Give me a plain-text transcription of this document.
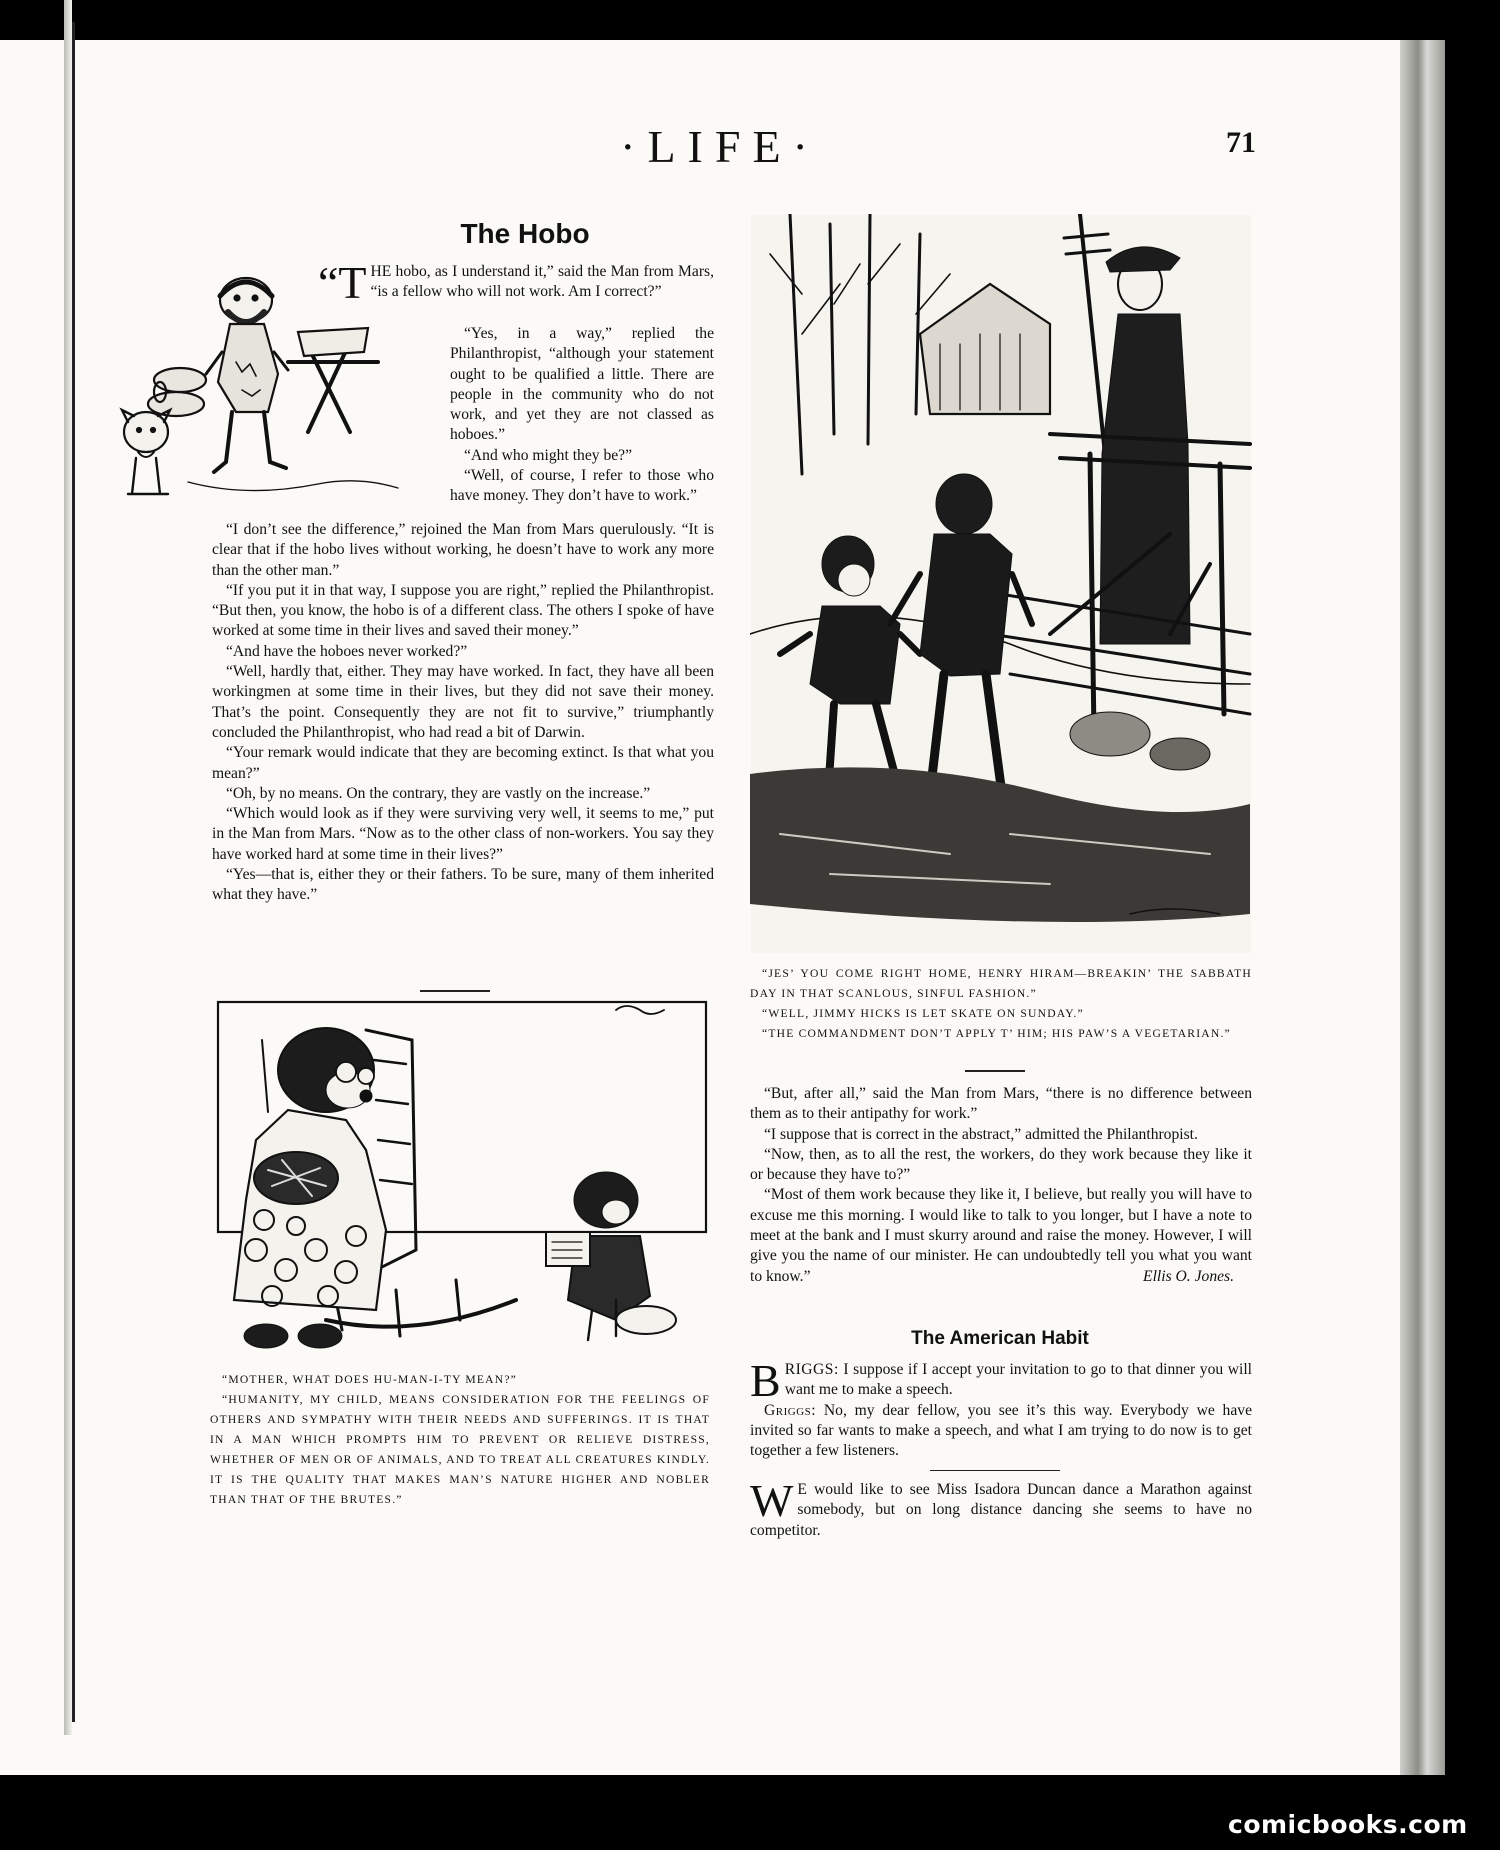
·LIFE·	71
The Hobo
“T HE hobo, as I understand it,” said the Man from Mars, “is a fellow who will not work. Am I correct?”

“Yes, in a way,” replied the Philanthropist, “although your statement ought to be qualified a little. There are people in the community who do not work, and yet they are not classed as hoboes.”

“And who might they be?”

“Well, of course, I refer to those who have money. They don’t have to work.”

“I don’t see the difference,” rejoined the Man from Mars querulously. “It is clear that if the hobo lives without working, he doesn’t have to work any more than the other man.”

“If you put it in that way, I suppose you are right,” replied the Philanthropist. “But then, you know, the hobo is of a different class. The others I spoke of have worked at some time in their lives and saved their money.”

“And have the hoboes never worked?”

“Well, hardly that, either. They may have worked. In fact, they have all been workingmen at some time in their lives, but they did not save their money. That’s the point. Consequently they are not fit to survive,” triumphantly concluded the Philanthropist, who had read a bit of Darwin.

“Your remark would indicate that they are becoming extinct. Is that what you mean?”

“Oh, by no means. On the contrary, they are vastly on the increase.”

“Which would look as if they were surviving very well, it seems to me,” put in the Man from Mars. “Now as to the other class of non-workers. You say they have worked hard at some time in their lives?”

“Yes—that is, either they or their fathers. To be sure, many of them inherited what they have.”

“MOTHER, WHAT DOES HU-MAN-I-TY MEAN?”

“HUMANITY, MY CHILD, MEANS CONSIDERATION FOR THE FEELINGS OF OTHERS AND SYMPATHY WITH THEIR NEEDS AND SUFFERINGS. IT IS THAT IN A MAN WHICH PROMPTS HIM TO PREVENT OR RELIEVE DISTRESS, WHETHER OF MEN OR OF ANIMALS, AND TO TREAT ALL CREATURES KINDLY. IT IS THE QUALITY THAT MAKES MAN’S NATURE HIGHER AND NOBLER THAN THAT OF THE BRUTES.”

“JES’ YOU COME RIGHT HOME, HENRY HIRAM—BREAKIN’ THE SABBATH DAY IN THAT SCANLOUS, SINFUL FASHION.”

“WELL, JIMMY HICKS IS LET SKATE ON SUNDAY.”

“THE COMMANDMENT DON’T APPLY T’ HIM; HIS PAW’S A VEGETARIAN.”

“But, after all,” said the Man from Mars, “there is no difference between them as to their antipathy for work.”

“I suppose that is correct in the abstract,” admitted the Philanthropist.

“Now, then, as to all the rest, the workers, do they work because they like it or because they have to?”

“Most of them work because they like it, I believe, but really you will have to excuse me this morning. I would like to talk to you longer, but I have a note to meet at the bank and I must skurry around and raise the money. However, I will give you the name of our minister. He can undoubtedly tell you what you want to know.”	Ellis O. Jones.

The American Habit

B RIGGS: I suppose if I accept your invitation to go to that dinner you will want me to make a speech.

Griggs: No, my dear fellow, you see it’s this way. Everybody we have invited so far wants to make a speech, and what I am trying to do now is to get together a few listeners.

W E would like to see Miss Isadora Duncan dance a Marathon against somebody, but on long distance dancing she seems to have no competitor.

comicbooks.com
